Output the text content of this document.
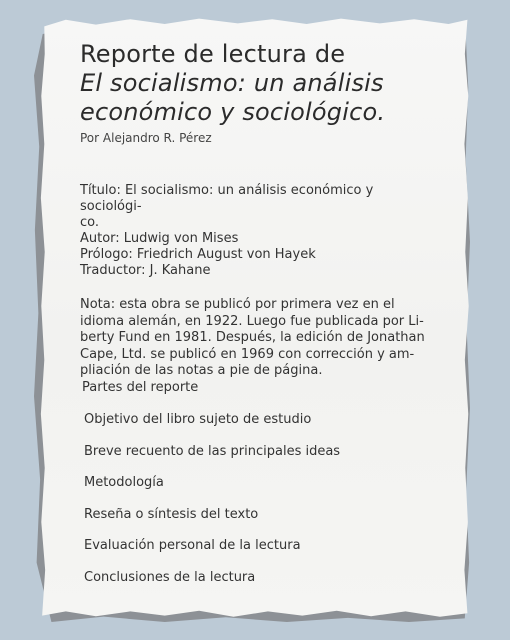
Reporte de lectura de

El socialismo: un análisis

económico y sociológico.

Por Alejandro R. Pérez
Título: El socialismo: un análisis económico y sociológi-
co.
Autor: Ludwig von Mises
Prólogo: Friedrich August von Hayek
Traductor: J. Kahane
Nota: esta obra se publicó por primera vez en el
idioma alemán, en 1922. Luego fue publicada por Li-
berty Fund en 1981. Después, la edición de Jonathan
Cape, Ltd. se publicó en 1969 con corrección y am-
pliación de las notas a pie de página.
Partes del reporte
Objetivo del libro sujeto de estudio
Breve recuento de las principales ideas
Metodología
Reseña o síntesis del texto
Evaluación personal de la lectura
Conclusiones de la lectura
